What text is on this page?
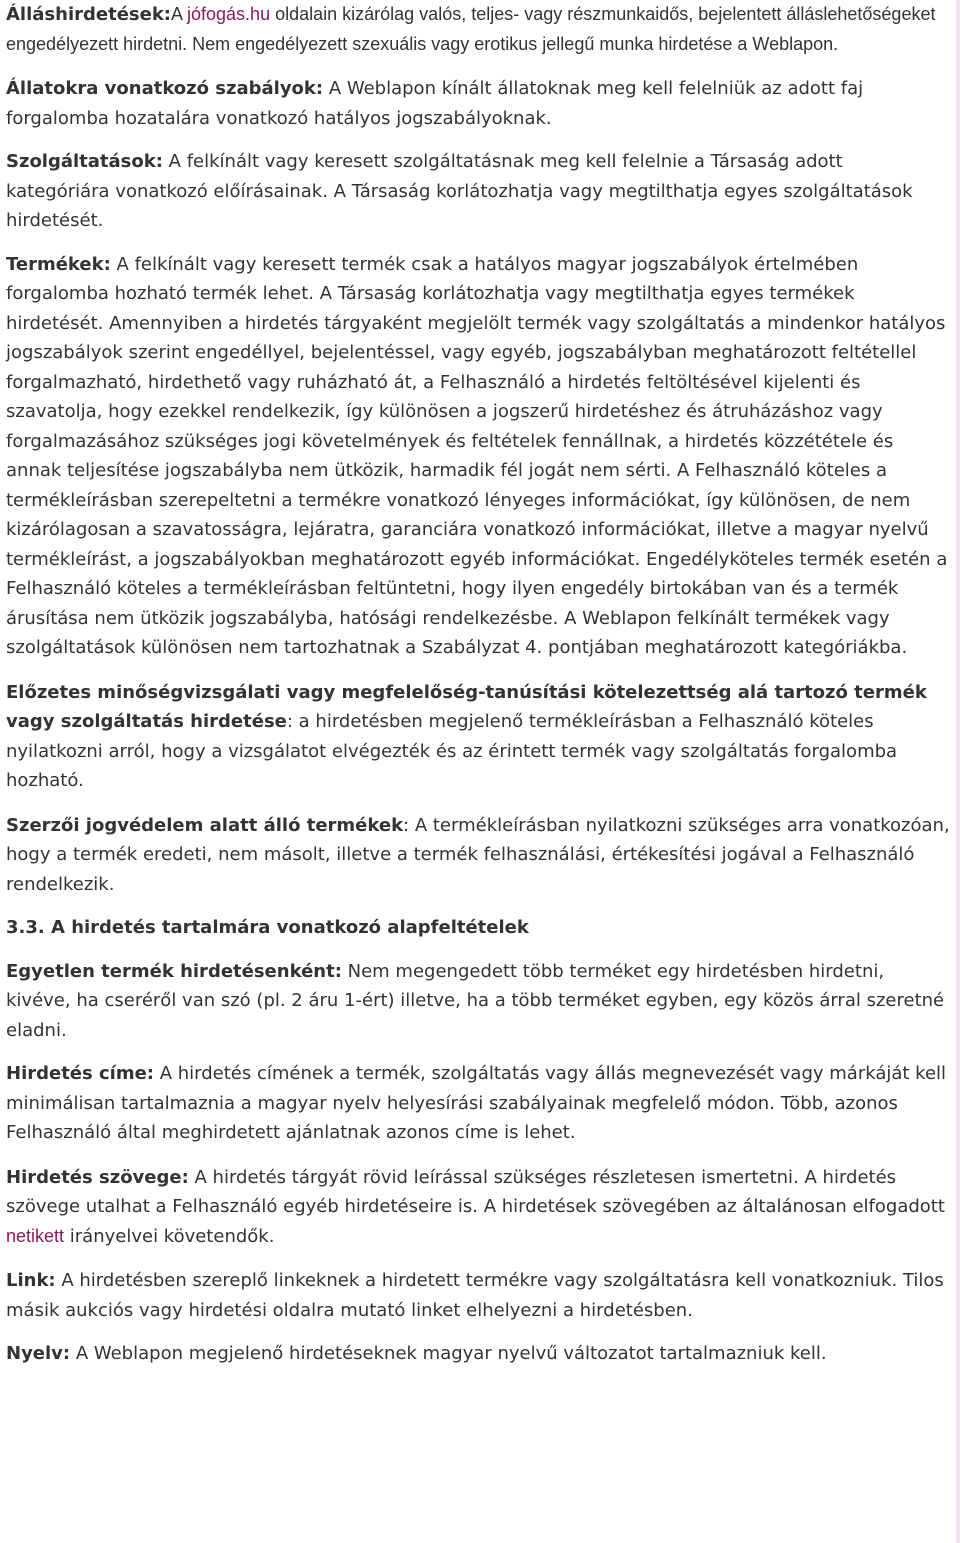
Álláshirdetések:A jófogás.hu oldalain kizárólag valós, teljes- vagy részmunkaidős, bejelentett álláslehetőségeket engedélyezett hirdetni. Nem engedélyezett szexuális vagy erotikus jellegű munka hirdetése a Weblapon.

Állatokra vonatkozó szabályok: A Weblapon kínált állatoknak meg kell felelniük az adott faj forgalomba hozatalára vonatkozó hatályos jogszabályoknak.

Szolgáltatások: A felkínált vagy keresett szolgáltatásnak meg kell felelnie a Társaság adott kategóriára vonatkozó előírásainak. A Társaság korlátozhatja vagy megtilthatja egyes szolgáltatások hirdetését.

Termékek: A felkínált vagy keresett termék csak a hatályos magyar jogszabályok értelmében forgalomba hozható termék lehet. A Társaság korlátozhatja vagy megtilthatja egyes termékek hirdetését. Amennyiben a hirdetés tárgyaként megjelölt termék vagy szolgáltatás a mindenkor hatályos jogszabályok szerint engedéllyel, bejelentéssel, vagy egyéb, jogszabályban meghatározott feltétellel forgalmazható, hirdethető vagy ruházható át, a Felhasználó a hirdetés feltöltésével kijelenti és szavatolja, hogy ezekkel rendelkezik, így különösen a jogszerű hirdetéshez és átruházáshoz vagy forgalmazásához szükséges jogi követelmények és feltételek fennállnak, a hirdetés közzététele és annak teljesítése jogszabályba nem ütközik, harmadik fél jogát nem sérti. A Felhasználó köteles a termékleírásban szerepeltetni a termékre vonatkozó lényeges információkat, így különösen, de nem kizárólagosan a szavatosságra, lejáratra, garanciára vonatkozó információkat, illetve a magyar nyelvű termékleírást, a jogszabályokban meghatározott egyéb információkat. Engedélyköteles termék esetén a Felhasználó köteles a termékleírásban feltüntetni, hogy ilyen engedély birtokában van és a termék árusítása nem ütközik jogszabályba, hatósági rendelkezésbe. A Weblapon felkínált termékek vagy szolgáltatások különösen nem tartozhatnak a Szabályzat 4. pontjában meghatározott kategóriákba.

Előzetes minőségvizsgálati vagy megfelelőség-tanúsítási kötelezettség alá tartozó termék vagy szolgáltatás hirdetése: a hirdetésben megjelenő termékleírásban a Felhasználó köteles nyilatkozni arról, hogy a vizsgálatot elvégezték és az érintett termék vagy szolgáltatás forgalomba hozható.

Szerzői jogvédelem alatt álló termékek: A termékleírásban nyilatkozni szükséges arra vonatkozóan, hogy a termék eredeti, nem másolt, illetve a termék felhasználási, értékesítési jogával a Felhasználó rendelkezik.

3.3. A hirdetés tartalmára vonatkozó alapfeltételek

Egyetlen termék hirdetésenként: Nem megengedett több terméket egy hirdetésben hirdetni, kivéve, ha cseréről van szó (pl. 2 áru 1-ért) illetve, ha a több terméket egyben, egy közös árral szeretné eladni.

Hirdetés címe: A hirdetés címének a termék, szolgáltatás vagy állás megnevezését vagy márkáját kell minimálisan tartalmaznia a magyar nyelv helyesírási szabályainak megfelelő módon. Több, azonos Felhasználó által meghirdetett ajánlatnak azonos címe is lehet.

Hirdetés szövege: A hirdetés tárgyát rövid leírással szükséges részletesen ismertetni. A hirdetés szövege utalhat a Felhasználó egyéb hirdetéseire is. A hirdetések szövegében az általánosan elfogadott netikett irányelvei követendők.

Link: A hirdetésben szereplő linkeknek a hirdetett termékre vagy szolgáltatásra kell vonatkozniuk. Tilos másik aukciós vagy hirdetési oldalra mutató linket elhelyezni a hirdetésben.

Nyelv: A Weblapon megjelenő hirdetéseknek magyar nyelvű változatot tartalmazniuk kell.
